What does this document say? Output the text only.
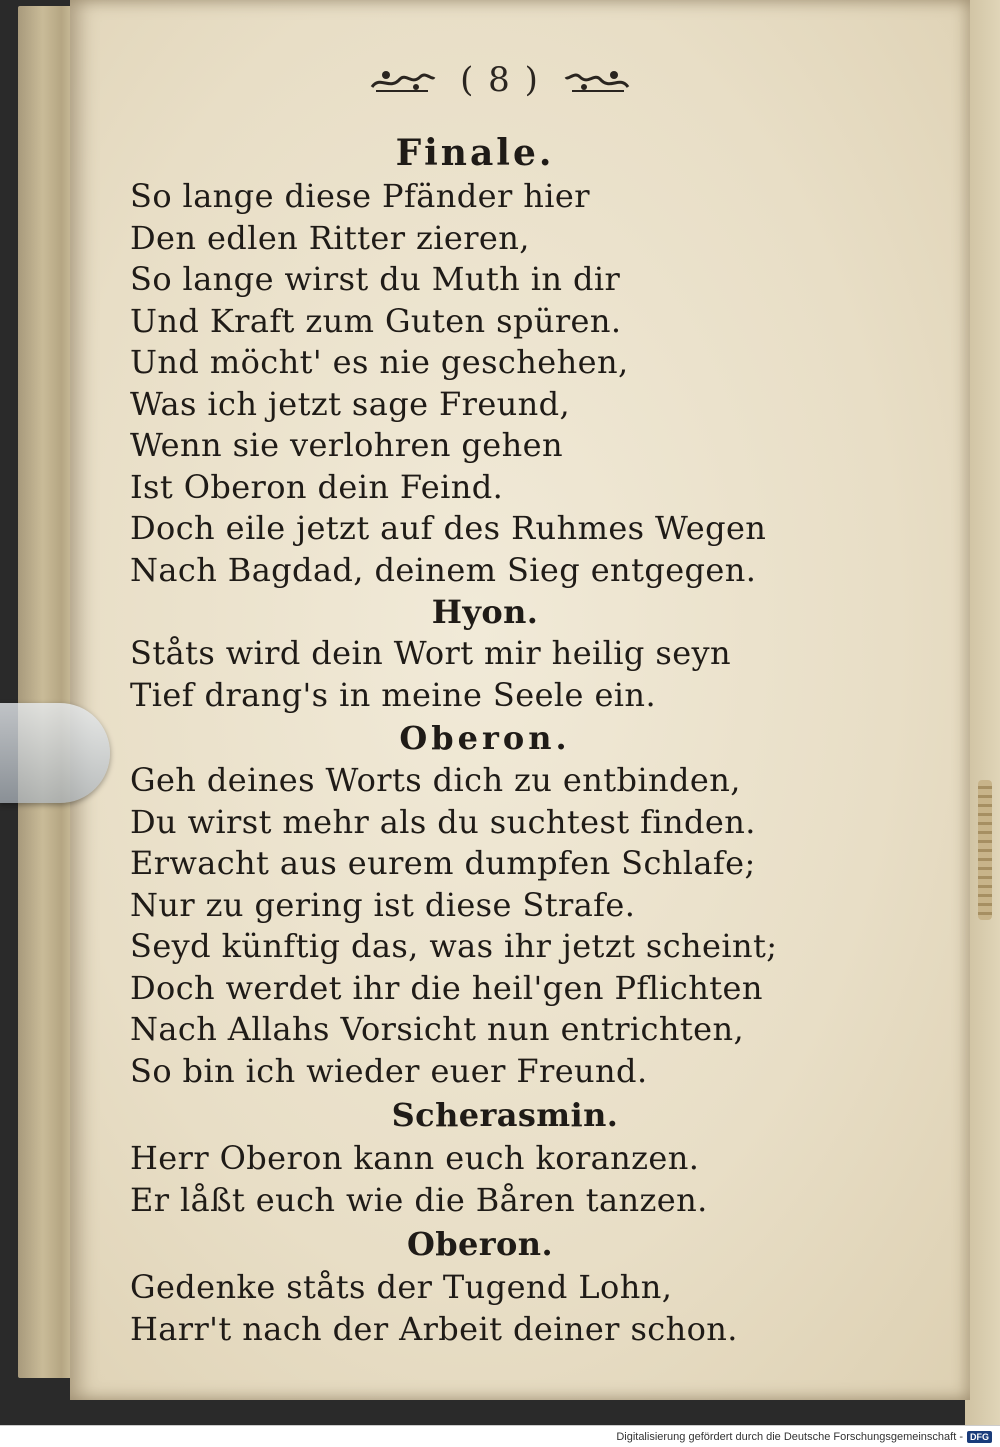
( 8 )

Finale.

So lange diese Pfänder hier

Den edlen Ritter zieren,

So lange wirst du Muth in dir

Und Kraft zum Guten spüren.

Und möcht' es nie geschehen,

Was ich jetzt sage Freund,

Wenn sie verlohren gehen

Ist Oberon dein Feind.

Doch eile jetzt auf des Ruhmes Wegen

Nach Bagdad, deinem Sieg entgegen.

Hyon.

Ståts wird dein Wort mir heilig seyn

Tief drang's in meine Seele ein.

Oberon.

Geh deines Worts dich zu entbinden,

Du wirst mehr als du suchtest finden.

Erwacht aus eurem dumpfen Schlafe;

Nur zu gering ist diese Strafe.

Seyd künftig das, was ihr jetzt scheint;

Doch werdet ihr die heil'gen Pflichten

Nach Allahs Vorsicht nun entrichten,

So bin ich wieder euer Freund.

Scherasmin.

Herr Oberon kann euch koranzen.

Er låßt euch wie die Båren tanzen.

Oberon.

Gedenke ståts der Tugend Lohn,

Harr't nach der Arbeit deiner schon.

Digitalisierung gefördert durch die Deutsche Forschungsgemeinschaft - DFG
